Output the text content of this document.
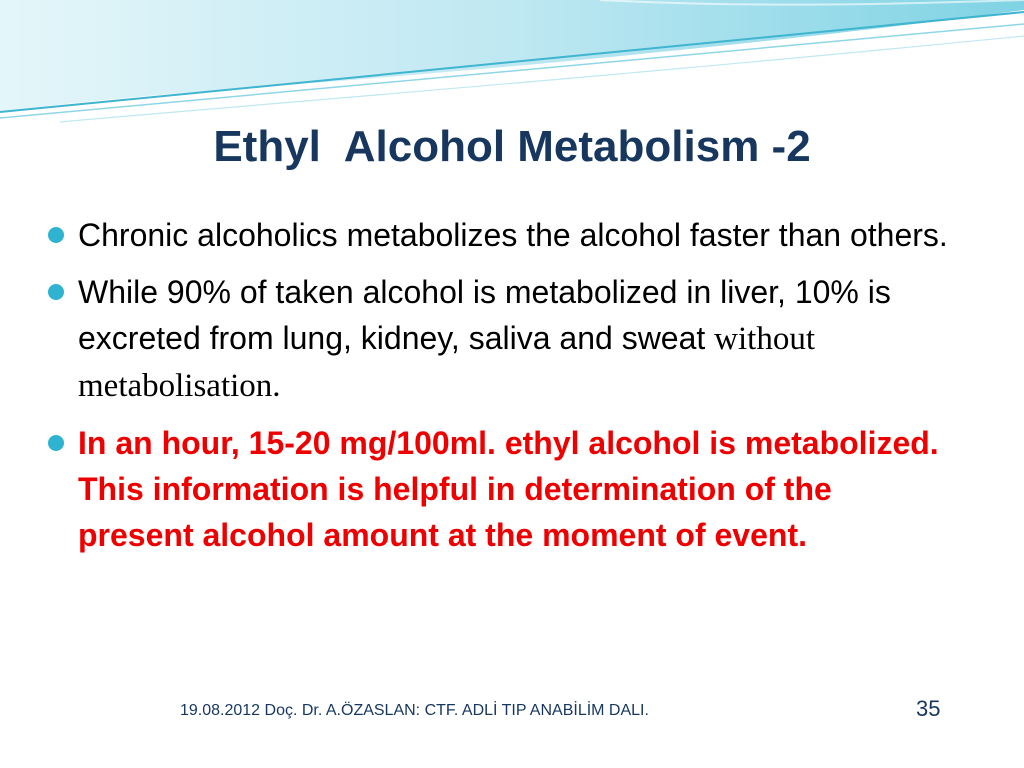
Ethyl  Alcohol Metabolism -2
Chronic alcoholics metabolizes the alcohol faster than others.
While 90% of taken alcohol is metabolized in liver, 10% is excreted from lung, kidney, saliva and sweat without metabolisation.
In an hour, 15-20 mg/100ml. ethyl alcohol is metabolized. This information is helpful in determination of the present alcohol amount at the moment of event.
19.08.2012 Doç. Dr. A.ÖZASLAN: CTF. ADLİ TIP ANABİLİM DALI.	35
